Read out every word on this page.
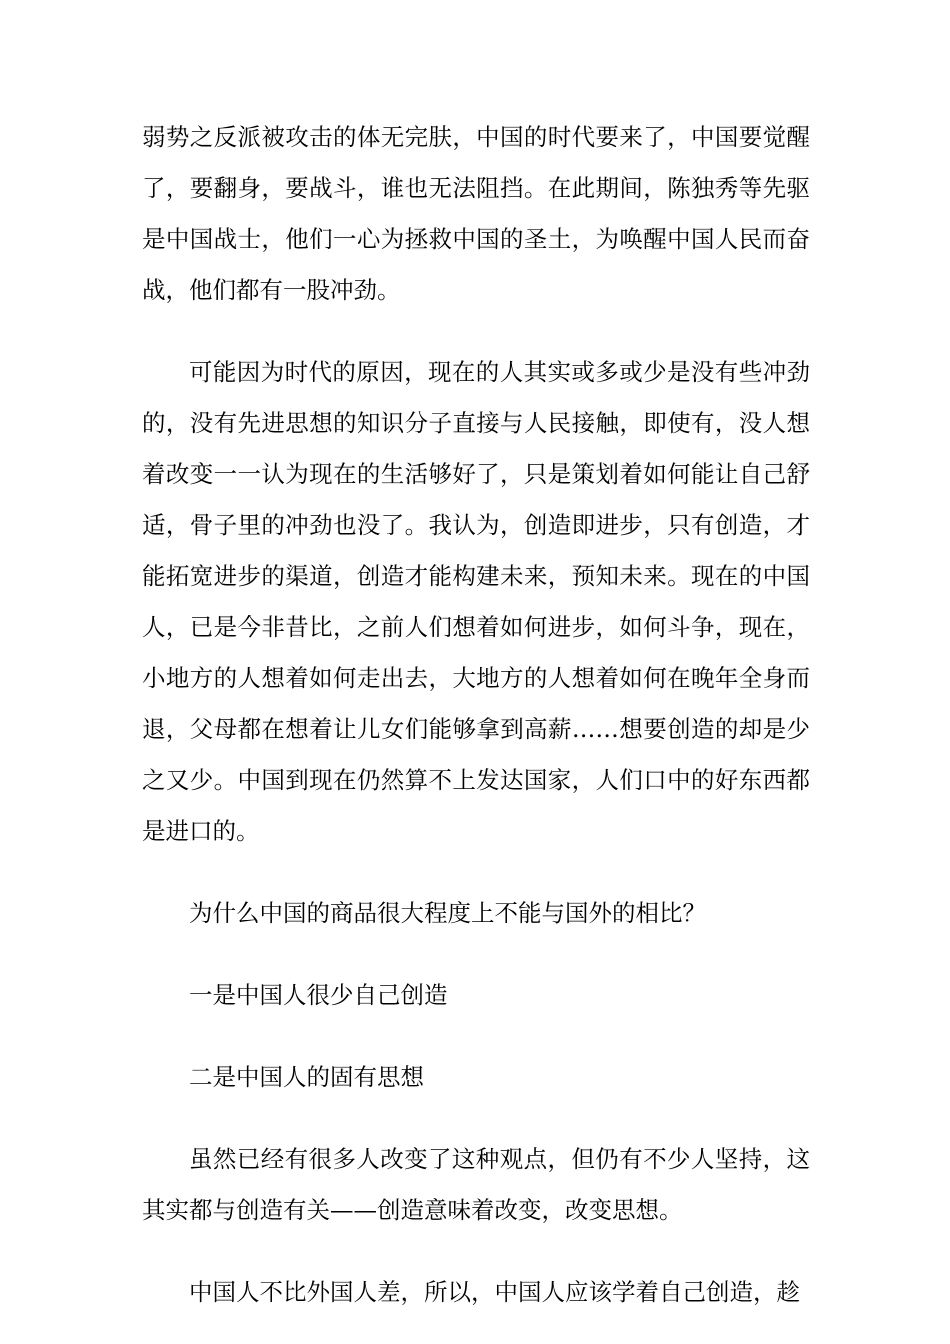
弱势之反派被攻击的体无完肤，中国的时代要来了，中国要觉醒
了，要翻身，要战斗，谁也无法阻挡。在此期间，陈独秀等先驱
是中国战士，他们一心为拯救中国的圣土，为唤醒中国人民而奋
战，他们都有一股冲劲。

可能因为时代的原因，现在的人其实或多或少是没有些冲劲
的，没有先进思想的知识分子直接与人民接触，即使有，没人想
着改变一一认为现在的生活够好了，只是策划着如何能让自己舒
适，骨子里的冲劲也没了。我认为，创造即进步，只有创造，才
能拓宽进步的渠道，创造才能构建未来，预知未来。现在的中国
人，已是今非昔比，之前人们想着如何进步，如何斗争，现在，
小地方的人想着如何走出去，大地方的人想着如何在晚年全身而
退，父母都在想着让儿女们能够拿到高薪……想要创造的却是少
之又少。中国到现在仍然算不上发达国家，人们口中的好东西都
是进口的。

为什么中国的商品很大程度上不能与国外的相比？

一是中国人很少自己创造

二是中国人的固有思想

虽然已经有很多人改变了这种观点，但仍有不少人坚持，这
其实都与创造有关——创造意味着改变，改变思想。

中国人不比外国人差，所以，中国人应该学着自己创造，趁
